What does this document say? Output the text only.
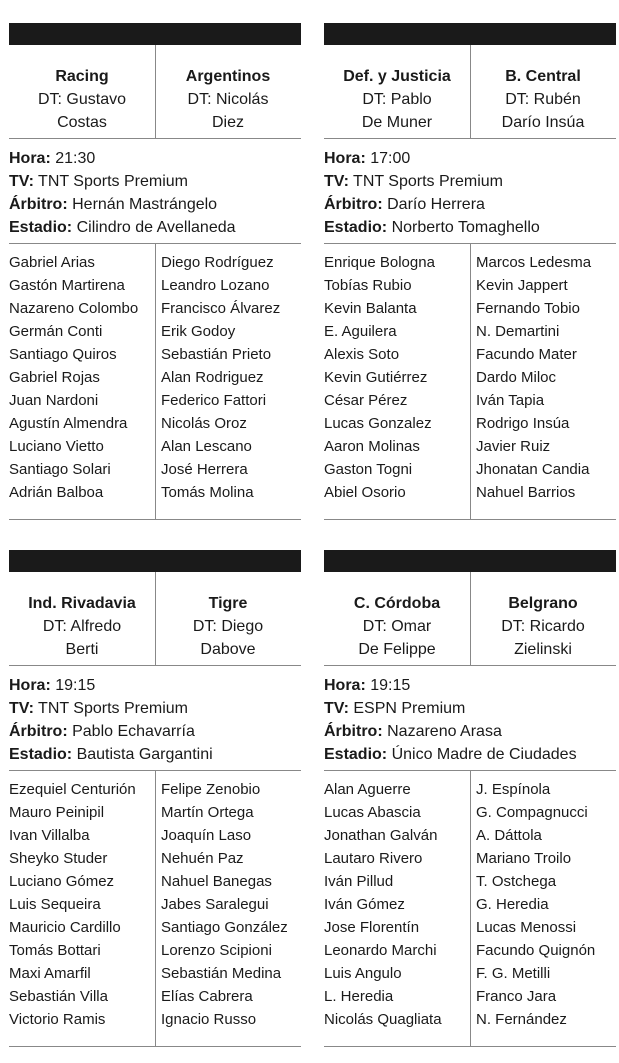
Racing
DT: Gustavo
Costas
Argentinos
DT: Nicolás
Diez
Hora: 21:30
TV: TNT Sports Premium
Árbitro: Hernán Mastrángelo
Estadio: Cilindro de Avellaneda
Gabriel Arias
Gastón Martirena
Nazareno Colombo
Germán Conti
Santiago Quiros
Gabriel Rojas
Juan Nardoni
Agustín Almendra
Luciano Vietto
Santiago Solari
Adrián Balboa
Diego Rodríguez
Leandro Lozano
Francisco Álvarez
Erik Godoy
Sebastián Prieto
Alan Rodriguez
Federico Fattori
Nicolás Oroz
Alan Lescano
José Herrera
Tomás Molina
Def. y Justicia
DT: Pablo
De Muner
B. Central
DT: Rubén
Darío Insúa
Hora: 17:00
TV: TNT Sports Premium
Árbitro: Darío Herrera
Estadio: Norberto Tomaghello
Enrique Bologna
Tobías Rubio
Kevin Balanta
E. Aguilera
Alexis Soto
Kevin Gutiérrez
César Pérez
Lucas Gonzalez
Aaron Molinas
Gaston Togni
Abiel Osorio
Marcos Ledesma
Kevin Jappert
Fernando Tobio
N. Demartini
Facundo Mater
Dardo Miloc
Iván Tapia
Rodrigo Insúa
Javier Ruiz
Jhonatan Candia
Nahuel Barrios
Ind. Rivadavia
DT: Alfredo
Berti
Tigre
DT: Diego
Dabove
Hora: 19:15
TV: TNT Sports Premium
Árbitro: Pablo Echavarría
Estadio: Bautista Gargantini
Ezequiel Centurión
Mauro Peinipil
Ivan Villalba
Sheyko Studer
Luciano Gómez
Luis Sequeira
Mauricio Cardillo
Tomás Bottari
Maxi Amarfil
Sebastián Villa
Victorio Ramis
Felipe Zenobio
Martín Ortega
Joaquín Laso
Nehuén Paz
Nahuel Banegas
Jabes Saralegui
Santiago González
Lorenzo Scipioni
Sebastián Medina
Elías Cabrera
Ignacio Russo
C. Córdoba
DT: Omar
De Felippe
Belgrano
DT: Ricardo
Zielinski
Hora: 19:15
TV: ESPN Premium
Árbitro: Nazareno Arasa
Estadio: Único Madre de Ciudades
Alan Aguerre
Lucas Abascia
Jonathan Galván
Lautaro Rivero
Iván Pillud
Iván Gómez
Jose Florentín
Leonardo Marchi
Luis Angulo
L. Heredia
Nicolás Quagliata
J. Espínola
G. Compagnucci
A. Dáttola
Mariano Troilo
T. Ostchega
G. Heredia
Lucas Menossi
Facundo Quignón
F. G. Metilli
Franco Jara
N. Fernández
